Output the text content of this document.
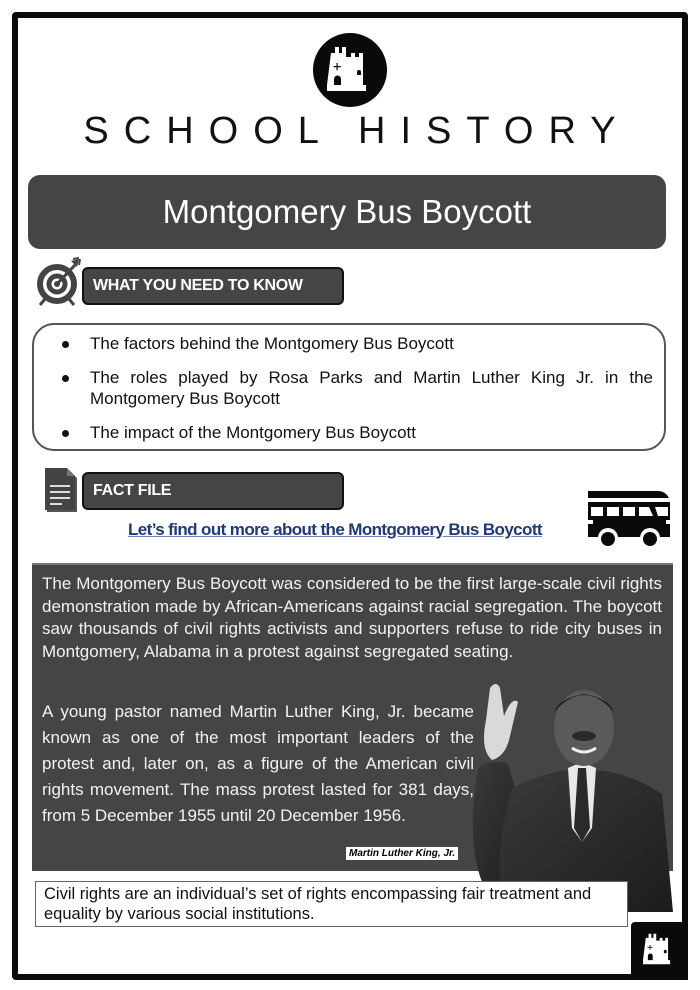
SCHOOL HISTORY
Montgomery Bus Boycott
WHAT YOU NEED TO KNOW
The factors behind the Montgomery Bus Boycott
The roles played by Rosa Parks and Martin Luther King Jr. in the Montgomery Bus Boycott
The impact of the Montgomery Bus Boycott
FACT FILE
Let’s find out more about the Montgomery Bus Boycott

The Montgomery Bus Boycott was considered to be the first large-scale civil rights demonstration made by African-Americans against racial segregation. The boycott saw thousands of civil rights activists and supporters refuse to ride city buses in Montgomery, Alabama in a protest against segregated seating.

A young pastor named Martin Luther King, Jr. became known as one of the most important leaders of the protest and, later on, as a figure of the American civil rights movement. The mass protest lasted for 381 days, from 5 December 1955 until 20 December 1956.

Martin Luther King, Jr.
Civil rights are an individual’s set of rights encompassing fair treatment and equality by various social institutions.
